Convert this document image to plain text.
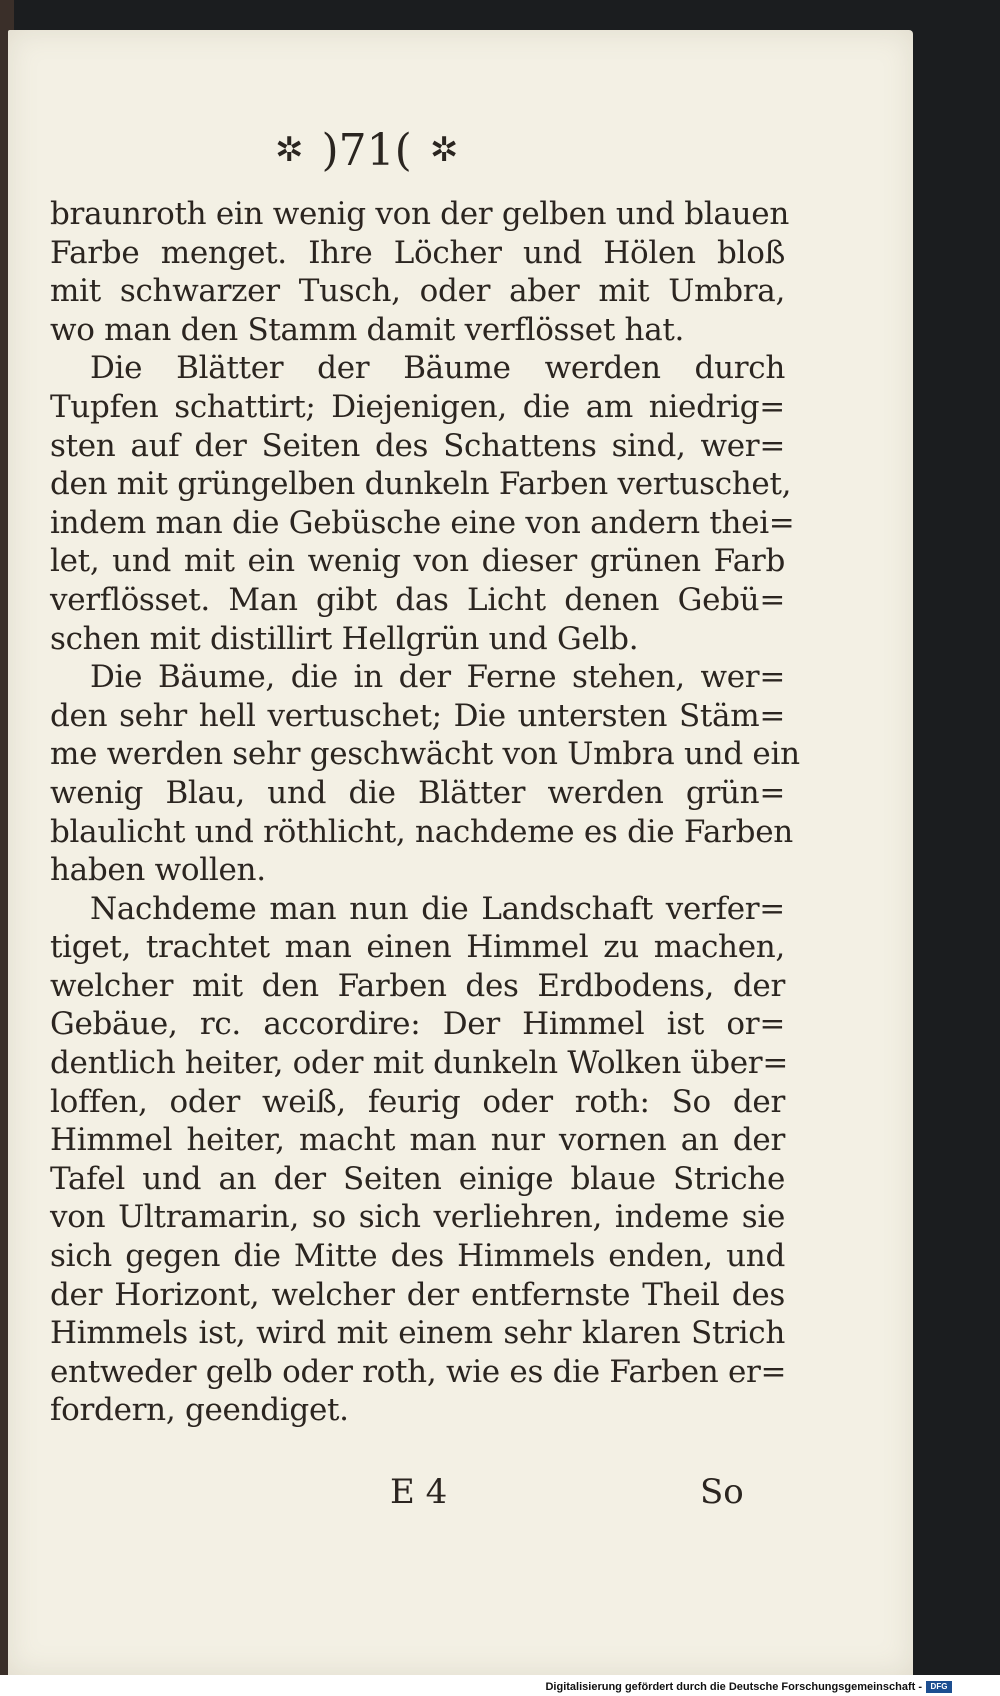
✲ )71( ✲
braunroth ein wenig von der gelben und blauen
Farbe menget. Ihre Löcher und Hölen bloß
mit schwarzer Tusch, oder aber mit Umbra,
wo man den Stamm damit verflösset hat.
Die Blätter der Bäume werden durch
Tupfen schattirt; Diejenigen, die am niedrig=
sten auf der Seiten des Schattens sind, wer=
den mit grüngelben dunkeln Farben vertuschet,
indem man die Gebüsche eine von andern thei=
let, und mit ein wenig von dieser grünen Farb
verflösset. Man gibt das Licht denen Gebü=
schen mit distillirt Hellgrün und Gelb.
Die Bäume, die in der Ferne stehen, wer=
den sehr hell vertuschet; Die untersten Stäm=
me werden sehr geschwächt von Umbra und ein
wenig Blau, und die Blätter werden grün=
blaulicht und röthlicht, nachdeme es die Farben
haben wollen.
Nachdeme man nun die Landschaft verfer=
tiget, trachtet man einen Himmel zu machen,
welcher mit den Farben des Erdbodens, der
Gebäue, rc. accordire: Der Himmel ist or=
dentlich heiter, oder mit dunkeln Wolken über=
loffen, oder weiß, feurig oder roth: So der
Himmel heiter, macht man nur vornen an der
Tafel und an der Seiten einige blaue Striche
von Ultramarin, so sich verliehren, indeme sie
sich gegen die Mitte des Himmels enden, und
der Horizont, welcher der entfernste Theil des
Himmels ist, wird mit einem sehr klaren Strich
entweder gelb oder roth, wie es die Farben er=
fordern, geendiget.
E 4	So
Digitalisierung gefördert durch die Deutsche Forschungsgemeinschaft -	DFG
